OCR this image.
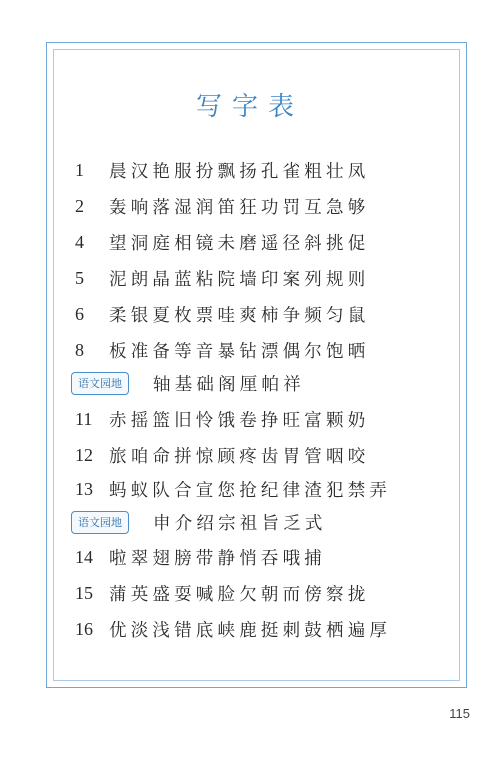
写字表
1	晨汉艳服扮飘扬孔雀粗壮凤
2	轰响落湿润笛狂功罚互急够
4	望洞庭相镜未磨遥径斜挑促
5	泥朗晶蓝粘院墙印案列规则
6	柔银夏枚票哇爽柿争频匀鼠
8	板准备等音暴钻漂偶尔饱晒
语文园地	轴基础阁厘帕祥
11 赤摇篮旧怜饿卷挣旺富颗奶
12 旅咱命拼惊顾疼齿胃管咽咬
13 蚂蚁队合宣您抢纪律渣犯禁弄
语文园地	申介绍宗祖旨乏式
14 啦翠翅膀带静悄吞哦捕
15 蒲英盛耍喊脸欠朝而傍察拢
16 优淡浅错底峡鹿挺刺鼓栖遍厚
115
